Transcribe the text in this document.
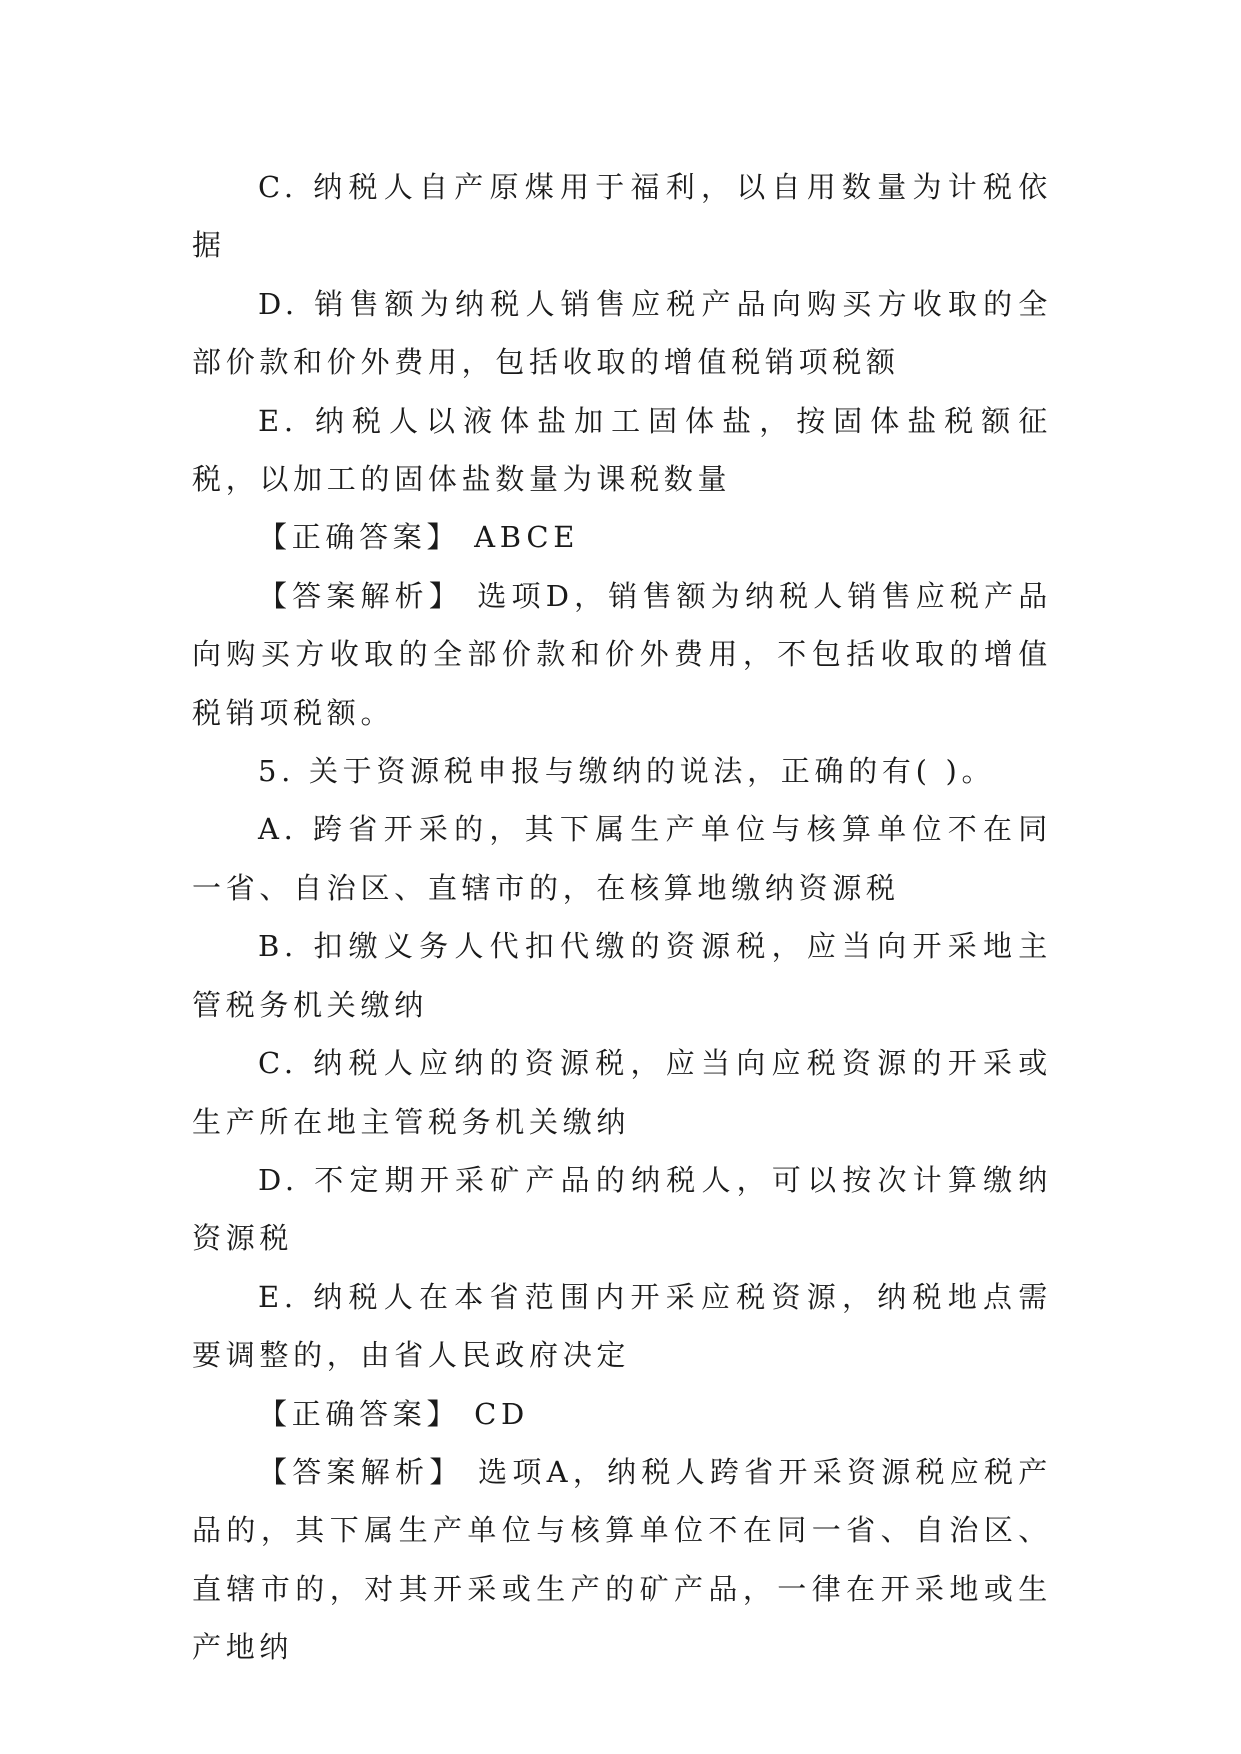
C. 纳税人自产原煤用于福利，以自用数量为计税依据

D. 销售额为纳税人销售应税产品向购买方收取的全部价款和价外费用，包括收取的增值税销项税额

E. 纳税人以液体盐加工固体盐，按固体盐税额征税，以加工的固体盐数量为课税数量

【正确答案】 ABCE

【答案解析】 选项D，销售额为纳税人销售应税产品向购买方收取的全部价款和价外费用，不包括收取的增值税销项税额。

5. 关于资源税申报与缴纳的说法，正确的有( )。

A. 跨省开采的，其下属生产单位与核算单位不在同一省、自治区、直辖市的，在核算地缴纳资源税

B. 扣缴义务人代扣代缴的资源税，应当向开采地主管税务机关缴纳

C. 纳税人应纳的资源税，应当向应税资源的开采或生产所在地主管税务机关缴纳

D. 不定期开采矿产品的纳税人，可以按次计算缴纳资源税

E. 纳税人在本省范围内开采应税资源，纳税地点需要调整的，由省人民政府决定

【正确答案】 CD

【答案解析】 选项A，纳税人跨省开采资源税应税产品的，其下属生产单位与核算单位不在同一省、自治区、直辖市的，对其开采或生产的矿产品，一律在开采地或生产地纳
